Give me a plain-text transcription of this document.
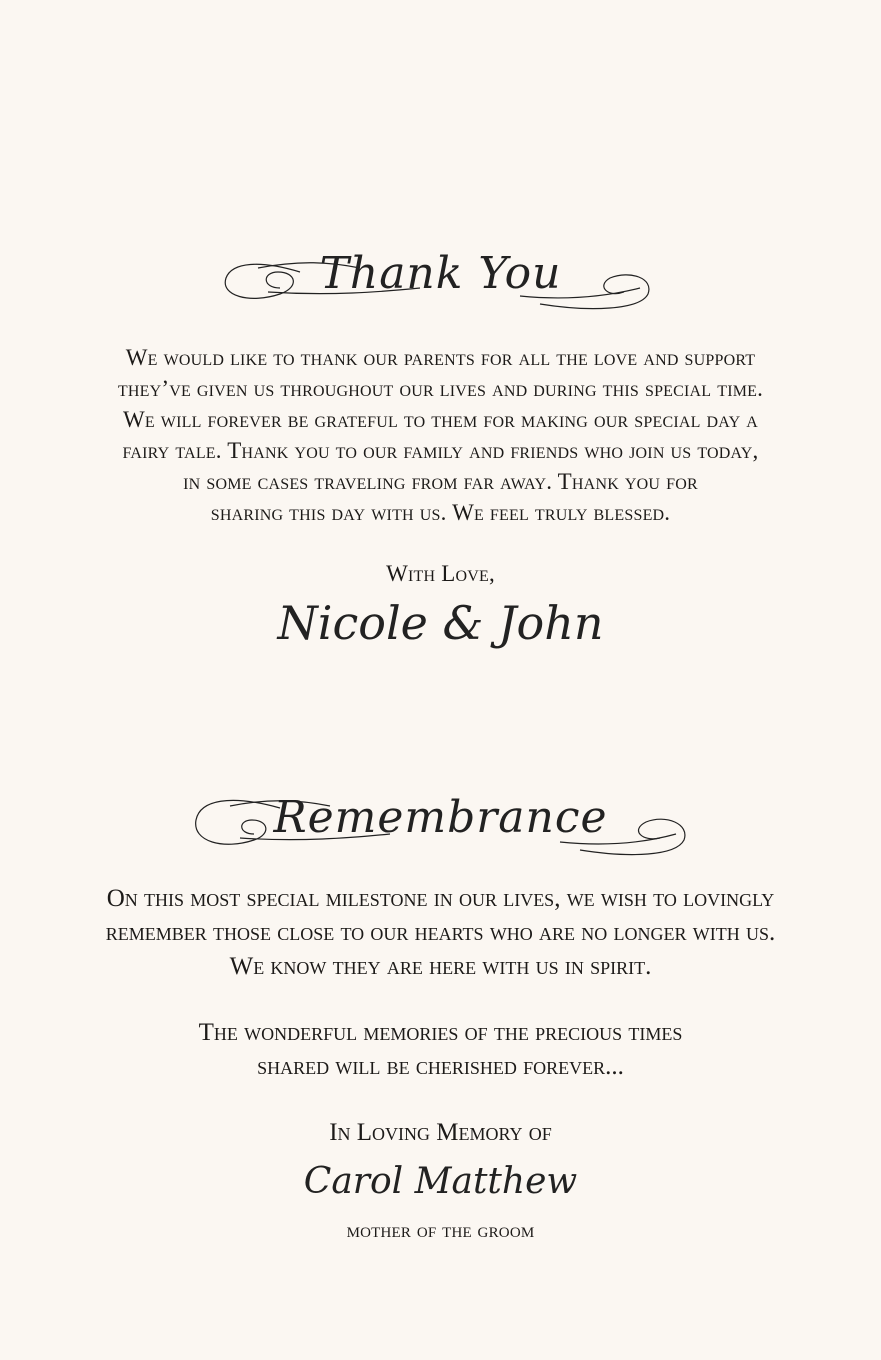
Thank You
We would like to thank our parents for all the love and support
they’ve given us throughout our lives and during this special time.
We will forever be grateful to them for making our special day a
fairy tale. Thank you to our family and friends who join us today,
in some cases traveling from far away. Thank you for
sharing this day with us. We feel truly blessed.
With Love,
Nicole & John
Remembrance
On this most special milestone in our lives, we wish to lovingly
remember those close to our hearts who are no longer with us.
We know they are here with us in spirit.
The wonderful memories of the precious times
shared will be cherished forever...
In Loving Memory of
Carol Matthew
mother of the groom
